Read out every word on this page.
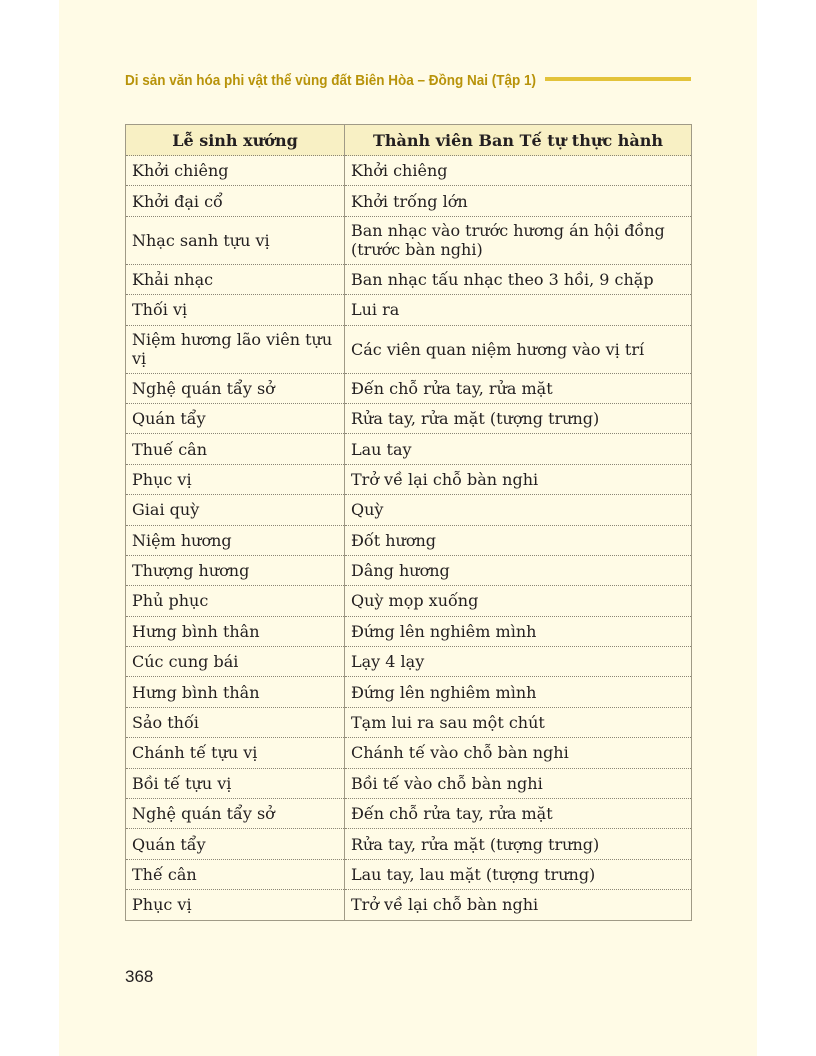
Di sản văn hóa phi vật thể vùng đất Biên Hòa – Đồng Nai (Tập 1)
Lễ sinh xướng	Thành viên Ban Tế tự thực hành
Khởi chiêng	Khởi chiêng
Khởi đại cổ	Khởi trống lớn
Nhạc sanh tựu vị	Ban nhạc vào trước hương án hội đồng (trước bàn nghi)
Khải nhạc	Ban nhạc tấu nhạc theo 3 hồi, 9 chặp
Thối vị	Lui ra
Niệm hương lão viên tựu vị	Các viên quan niệm hương vào vị trí
Nghệ quán tẩy sở	Đến chỗ rửa tay, rửa mặt
Quán tẩy	Rửa tay, rửa mặt (tượng trưng)
Thuế cân	Lau tay
Phục vị	Trở về lại chỗ bàn nghi
Giai quỳ	Quỳ
Niệm hương	Đốt hương
Thượng hương	Dâng hương
Phủ phục	Quỳ mọp xuống
Hưng bình thân	Đứng lên nghiêm mình
Cúc cung bái	Lạy 4 lạy
Hưng bình thân	Đứng lên nghiêm mình
Sảo thối	Tạm lui ra sau một chút
Chánh tế tựu vị	Chánh tế vào chỗ bàn nghi
Bồi tế tựu vị	Bồi tế vào chỗ bàn nghi
Nghệ quán tẩy sở	Đến chỗ rửa tay, rửa mặt
Quán tẩy	Rửa tay, rửa mặt (tượng trưng)
Thế cân	Lau tay, lau mặt (tượng trưng)
Phục vị	Trở về lại chỗ bàn nghi
368
